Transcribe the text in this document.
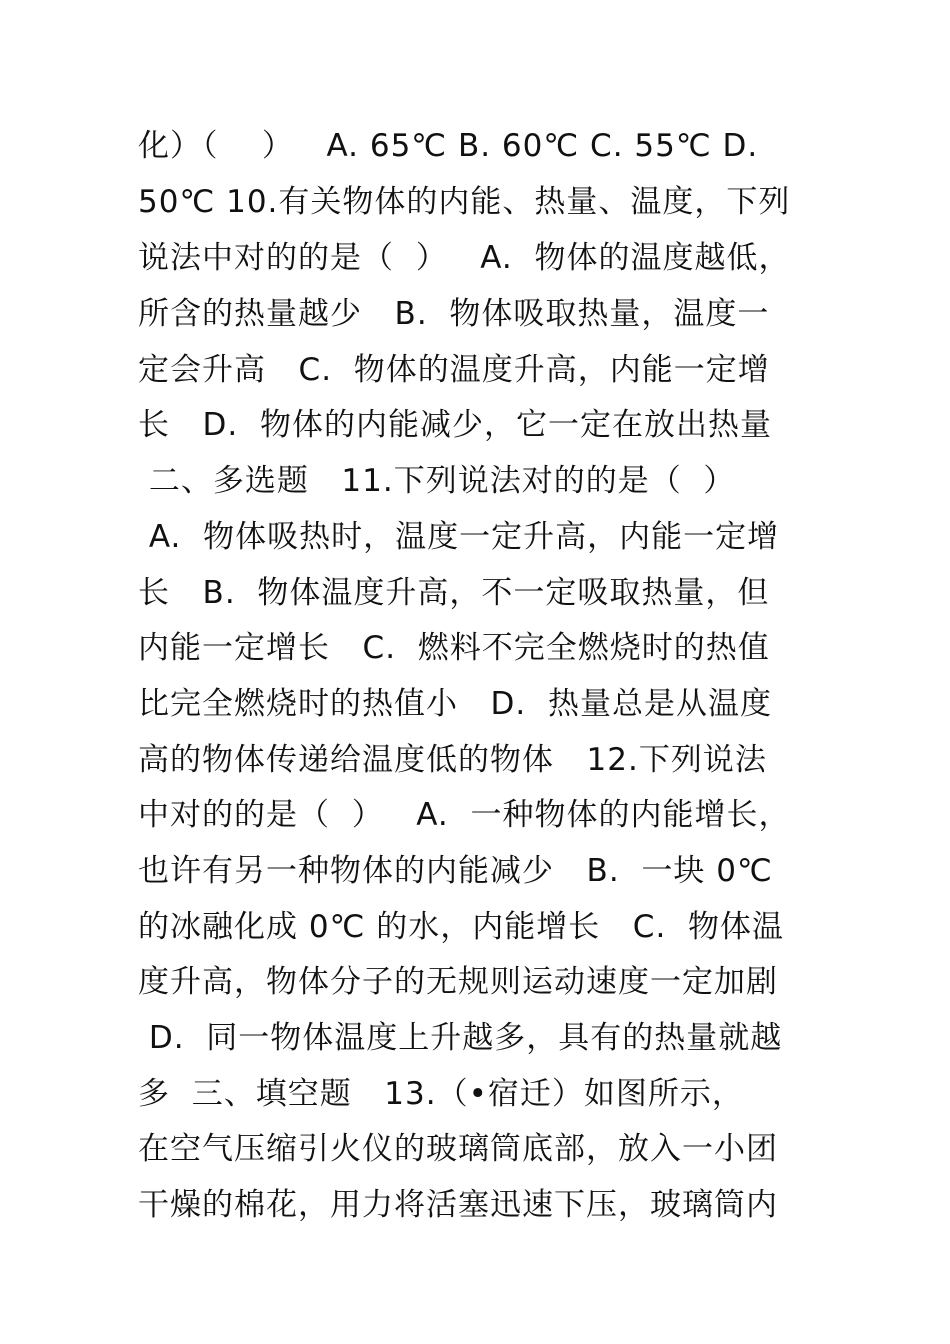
化）（    ）   A. 65℃ B. 60℃ C. 55℃ D.
50℃ 10.有关物体的内能、热量、温度，下列
说法中对的的是（  ）   A.  物体的温度越低，
所含的热量越少   B.  物体吸取热量，温度一
定会升高   C.  物体的温度升高，内能一定增
长   D.  物体的内能减少，它一定在放出热量
二、多选题   11.下列说法对的的是（  ）
A.  物体吸热时，温度一定升高，内能一定增
长   B.  物体温度升高，不一定吸取热量，但
内能一定增长   C.  燃料不完全燃烧时的热值
比完全燃烧时的热值小   D.  热量总是从温度
高的物体传递给温度低的物体   12.下列说法
中对的的是（  ）   A.  一种物体的内能增长，
也许有另一种物体的内能减少   B.  一块 0℃
的冰融化成 0℃ 的水，内能增长   C.  物体温
度升高，物体分子的无规则运动速度一定加剧
D.  同一物体温度上升越多，具有的热量就越
多  三、填空题   13.（•宿迁）如图所示，
在空气压缩引火仪的玻璃筒底部，放入一小团
干燥的棉花，用力将活塞迅速下压，玻璃筒内
